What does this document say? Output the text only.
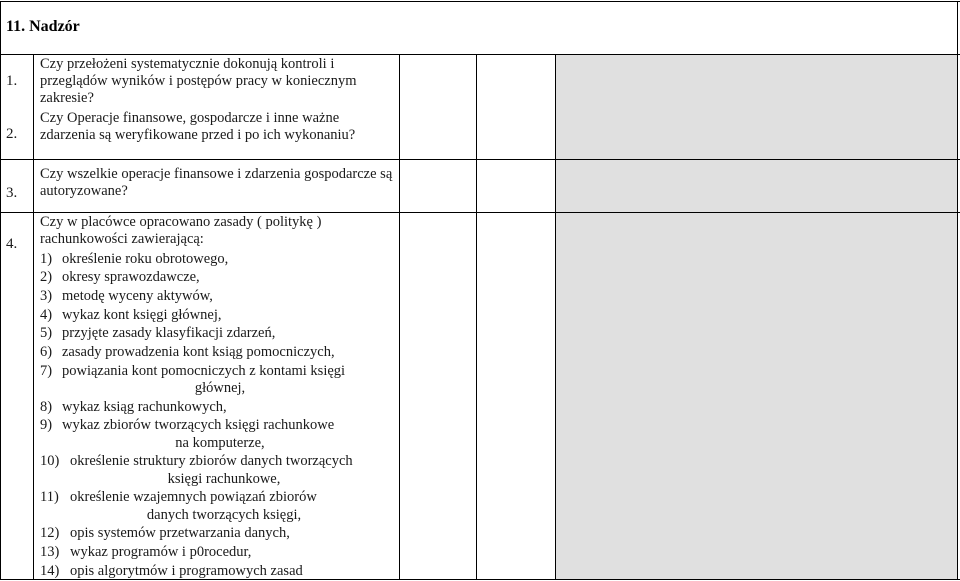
11. Nadzór
1.
Czy przełożeni systematycznie dokonują kontroli i przeglądów wyników i postępów pracy w koniecznym zakresie?
2.
Czy Operacje finansowe, gospodarcze i inne ważne zdarzenia są weryfikowane przed i po ich wykonaniu?
3.
Czy wszelkie operacje finansowe i zdarzenia gospodarcze są autoryzowane?
4.
Czy w placówce opracowano zasady ( politykę ) rachunkowości zawierającą:
1) określenie roku obrotowego,
2) okresy sprawozdawcze,
3) metodę wyceny aktywów,
4) wykaz kont księgi głównej,
5) przyjęte zasady klasyfikacji zdarzeń,
6) zasady prowadzenia kont ksiąg pomocniczych,
7) powiązania kont pomocniczych z kontami księgi
głównej,
8) wykaz ksiąg rachunkowych,
9) wykaz zbiorów tworzących księgi rachunkowe
na komputerze,
10) określenie struktury zbiorów danych tworzących
księgi rachunkowe,
11) określenie wzajemnych powiązań zbiorów
danych tworzących księgi,
12) opis systemów przetwarzania danych,
13) wykaz programów i p0rocedur,
14) opis algorytmów i programowych zasad
